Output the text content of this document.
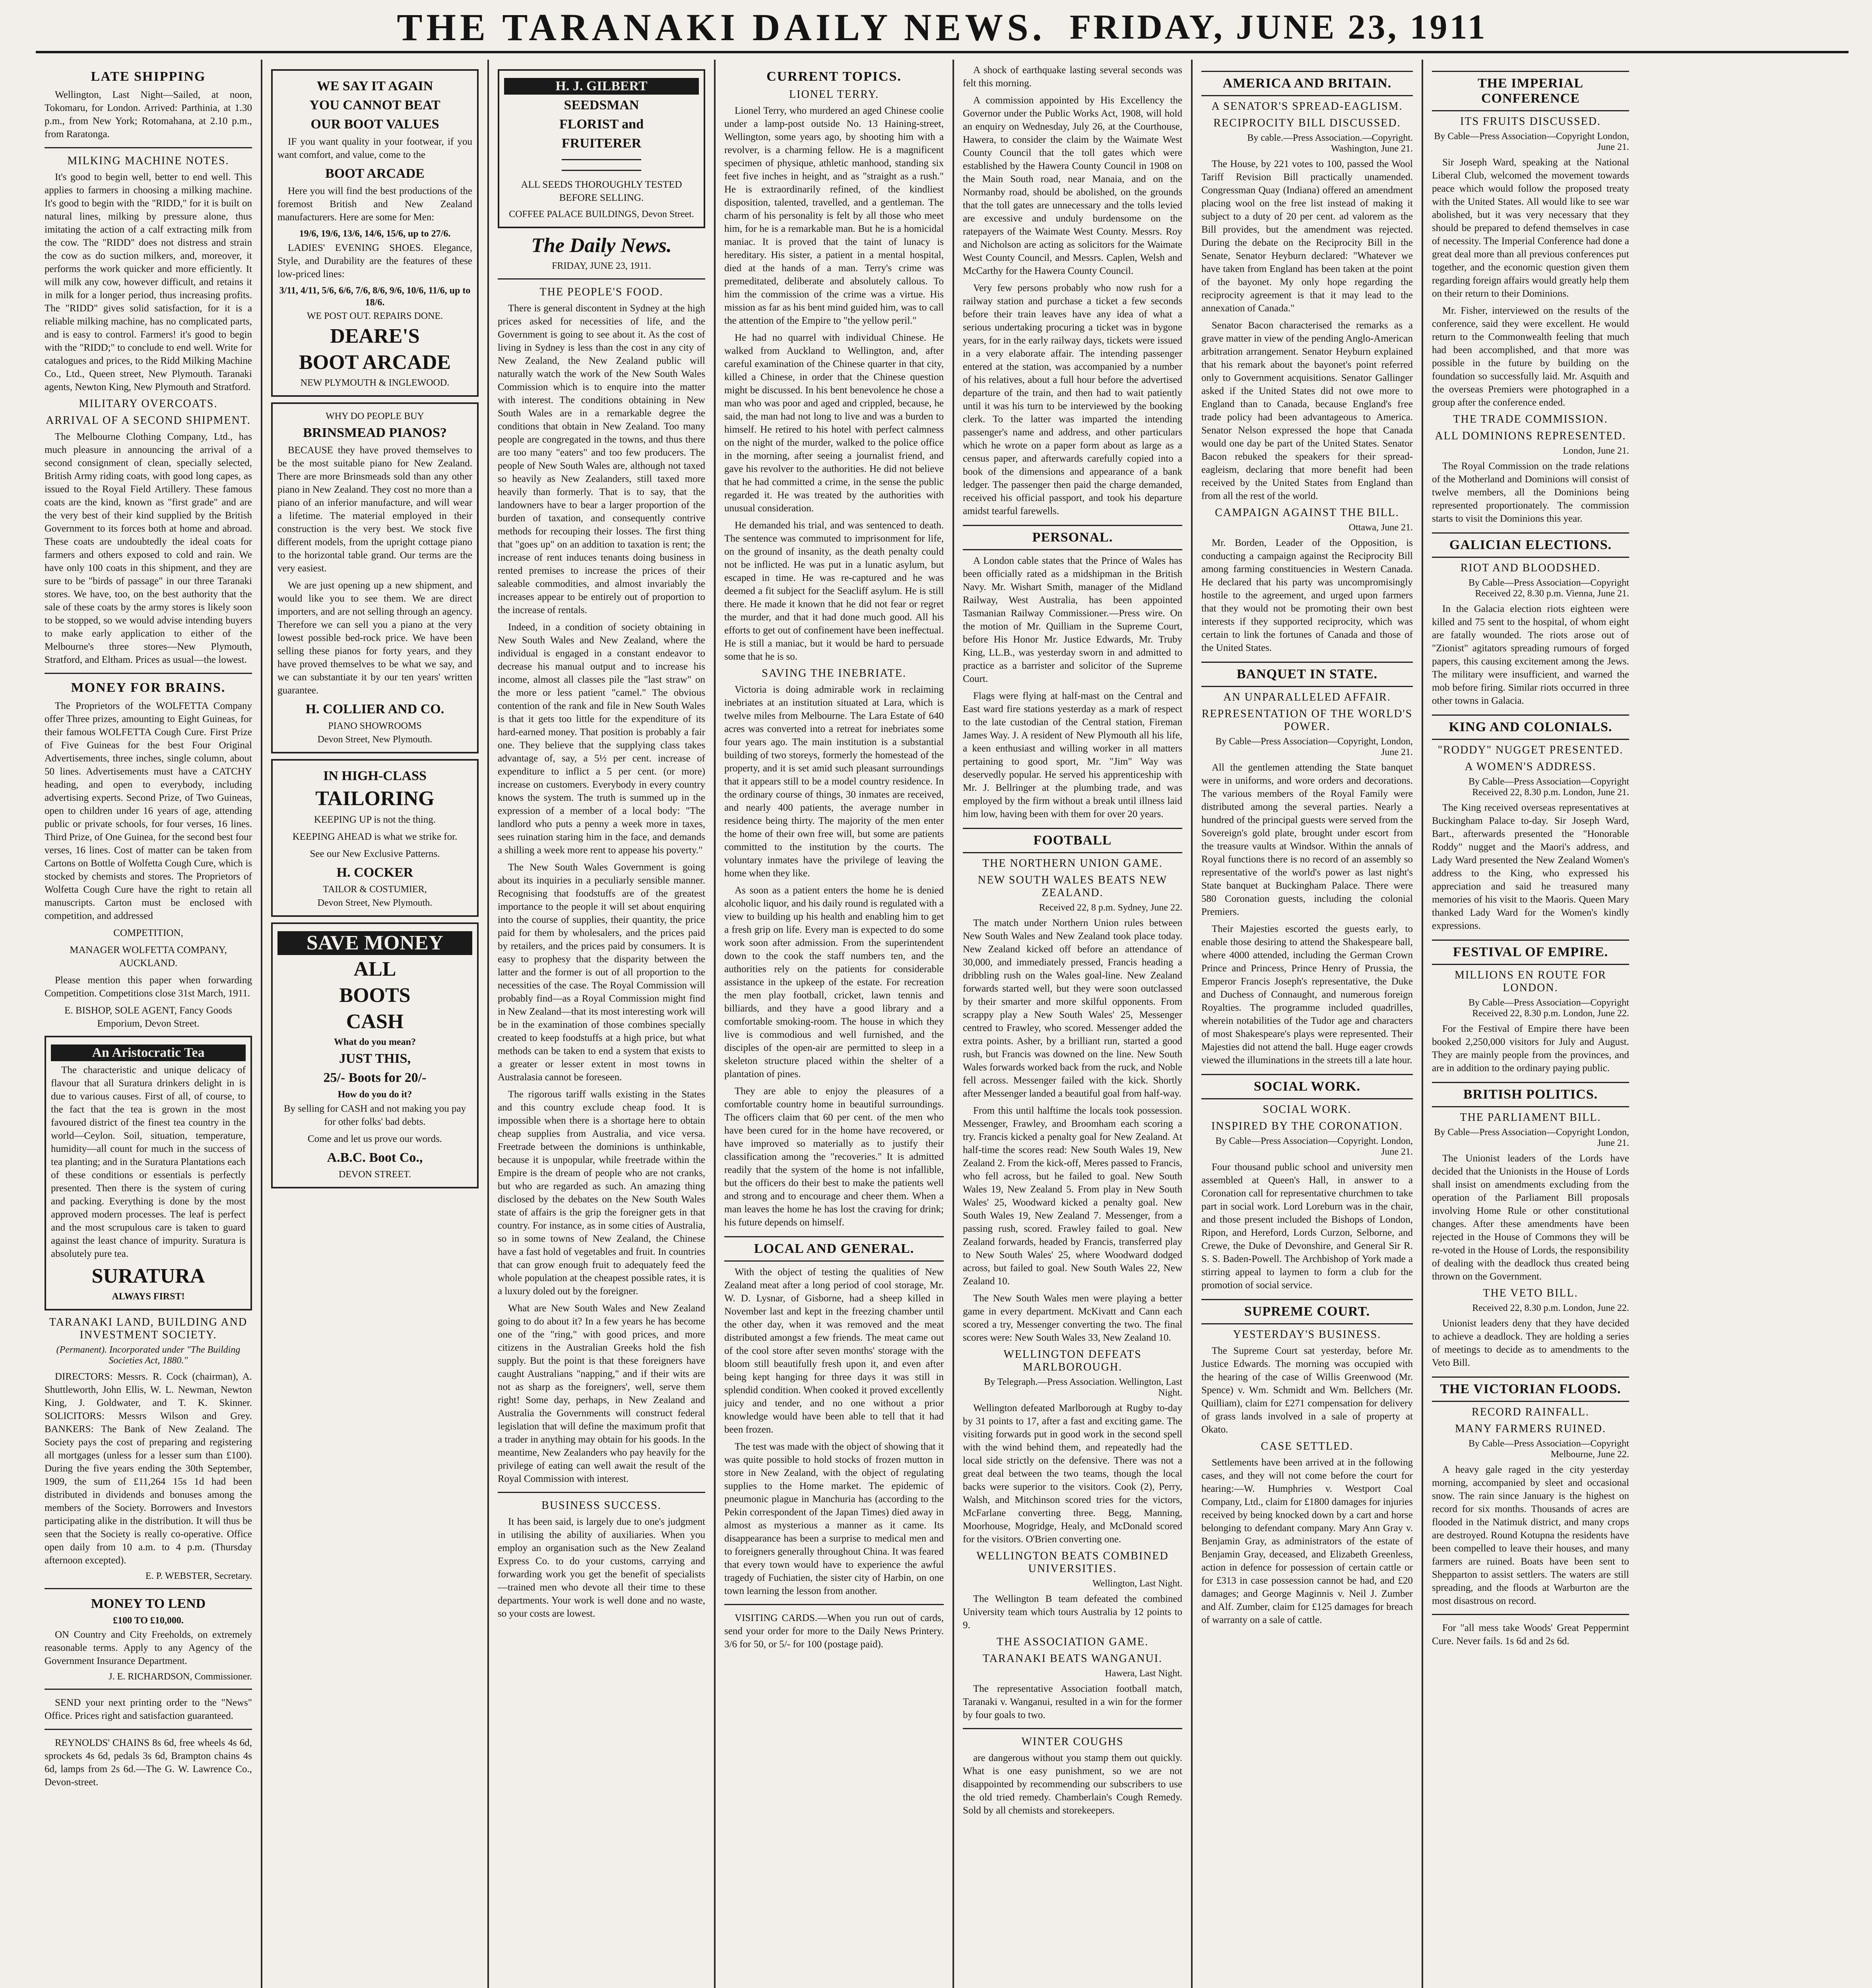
THE TARANAKI DAILY NEWS. FRIDAY, JUNE 23, 1911
LATE SHIPPING

Wellington, Last Night—Sailed, at noon, Tokomaru, for London. Arrived: Parthinia, at 1.30 p.m., from New York; Rotomahana, at 2.10 p.m., from Raratonga.

MILKING MACHINE NOTES.

It's good to begin well, better to end well. This applies to farmers in choosing a milking machine. It's good to begin with the "RIDD," for it is built on natural lines, milking by pressure alone, thus imitating the action of a calf extracting milk from the cow. The "RIDD" does not distress and strain the cow as do suction milkers, and, moreover, it performs the work quicker and more efficiently. It will milk any cow, however difficult, and retains it in milk for a longer period, thus increasing profits. The "RIDD" gives solid satisfaction, for it is a reliable milking machine, has no complicated parts, and is easy to control. Farmers! it's good to begin with the "RIDD;" to conclude to end well. Write for catalogues and prices, to the Ridd Milking Machine Co., Ltd., Queen street, New Plymouth. Taranaki agents, Newton King, New Plymouth and Stratford.

MILITARY OVERCOATS.
ARRIVAL OF A SECOND SHIPMENT.

The Melbourne Clothing Company, Ltd., has much pleasure in announcing the arrival of a second consignment of clean, specially selected, British Army riding coats, with good long capes, as issued to the Royal Field Artillery. These famous coats are the kind, known as "first grade" and are the very best of their kind supplied by the British Government to its forces both at home and abroad. These coats are undoubtedly the ideal coats for farmers and others exposed to cold and rain. We have only 100 coats in this shipment, and they are sure to be "birds of passage" in our three Taranaki stores. We have, too, on the best authority that the sale of these coats by the army stores is likely soon to be stopped, so we would advise intending buyers to make early application to either of the Melbourne's three stores—New Plymouth, Stratford, and Eltham. Prices as usual—the lowest.

MONEY FOR BRAINS.

The Proprietors of the WOLFETTA Company offer Three prizes, amounting to Eight Guineas, for their famous WOLFETTA Cough Cure. First Prize of Five Guineas for the best Four Original Advertisements, three inches, single column, about 50 lines. Advertisements must have a CATCHY heading, and open to everybody, including advertising experts. Second Prize, of Two Guineas, open to children under 16 years of age, attending public or private schools, for four verses, 16 lines. Third Prize, of One Guinea, for the second best four verses, 16 lines. Cost of matter can be taken from Cartons on Bottle of Wolfetta Cough Cure, which is stocked by chemists and stores. The Proprietors of Wolfetta Cough Cure have the right to retain all manuscripts. Carton must be enclosed with competition, and addressed

COMPETITION,

MANAGER WOLFETTA COMPANY, AUCKLAND.

Please mention this paper when forwarding Competition. Competitions close 31st March, 1911.

E. BISHOP, SOLE AGENT, Fancy Goods Emporium, Devon Street.

An Aristocratic Tea

The characteristic and unique delicacy of flavour that all Suratura drinkers delight in is due to various causes. First of all, of course, to the fact that the tea is grown in the most favoured district of the finest tea country in the world—Ceylon. Soil, situation, temperature, humidity—all count for much in the success of tea planting; and in the Suratura Plantations each of these conditions or essentials is perfectly presented. Then there is the system of curing and packing. Everything is done by the most approved modern processes. The leaf is perfect and the most scrupulous care is taken to guard against the least chance of impurity. Suratura is absolutely pure tea.

SURATURA
ALWAYS FIRST!
TARANAKI LAND, BUILDING AND INVESTMENT SOCIETY.
(Permanent). Incorporated under "The Building Societies Act, 1880."

DIRECTORS: Messrs. R. Cock (chairman), A. Shuttleworth, John Ellis, W. L. Newman, Newton King, J. Goldwater, and T. K. Skinner. SOLICITORS: Messrs Wilson and Grey. BANKERS: The Bank of New Zealand. The Society pays the cost of preparing and registering all mortgages (unless for a lesser sum than £100). During the five years ending the 30th September, 1909, the sum of £11,264 15s 1d had been distributed in dividends and bonuses among the members of the Society. Borrowers and Investors participating alike in the distribution. It will thus be seen that the Society is really co-operative. Office open daily from 10 a.m. to 4 p.m. (Thursday afternoon excepted).

E. P. WEBSTER, Secretary.
MONEY TO LEND
£100 TO £10,000.

ON Country and City Freeholds, on extremely reasonable terms. Apply to any Agency of the Government Insurance Department.

J. E. RICHARDSON, Commissioner.

SEND your next printing order to the "News" Office. Prices right and satisfaction guaranteed.

REYNOLDS' CHAINS 8s 6d, free wheels 4s 6d, sprockets 4s 6d, pedals 3s 6d, Brampton chains 4s 6d, lamps from 2s 6d.—The G. W. Lawrence Co., Devon-street.

WE SAY IT AGAIN
YOU CANNOT BEAT
OUR BOOT VALUES

IF you want quality in your footwear, if you want comfort, and value, come to the

BOOT ARCADE

Here you will find the best productions of the foremost British and New Zealand manufacturers. Here are some for Men:

19/6, 19/6, 13/6, 14/6, 15/6, up to 27/6.

LADIES' EVENING SHOES. Elegance, Style, and Durability are the features of these low-priced lines:

3/11, 4/11, 5/6, 6/6, 7/6, 8/6, 9/6, 10/6, 11/6, up to 18/6.
WE POST OUT. REPAIRS DONE.
DEARE'S
BOOT ARCADE
NEW PLYMOUTH & INGLEWOOD.
WHY DO PEOPLE BUY
BRINSMEAD PIANOS?

BECAUSE they have proved themselves to be the most suitable piano for New Zealand. There are more Brinsmeads sold than any other piano in New Zealand. They cost no more than a piano of an inferior manufacture, and will wear a lifetime. The material employed in their construction is the very best. We stock five different models, from the upright cottage piano to the horizontal table grand. Our terms are the very easiest.

We are just opening up a new shipment, and would like you to see them. We are direct importers, and are not selling through an agency. Therefore we can sell you a piano at the very lowest possible bed-rock price. We have been selling these pianos for forty years, and they have proved themselves to be what we say, and we can substantiate it by our ten years' written guarantee.

H. COLLIER AND CO.
PIANO SHOWROOMS
Devon Street, New Plymouth.
IN HIGH-CLASS
TAILORING

KEEPING UP is not the thing.

KEEPING AHEAD is what we strike for.

See our New Exclusive Patterns.

H. COCKER
TAILOR & COSTUMIER,
Devon Street, New Plymouth.
SAVE MONEY
ALL
BOOTS
CASH
What do you mean?
JUST THIS,
25/- Boots for 20/-
How do you do it?

By selling for CASH and not making you pay for other folks' bad debts.

Come and let us prove our words.

A.B.C. Boot Co.,
DEVON STREET.
H. J. GILBERT
SEEDSMAN
FLORIST and
FRUITERER

ALL SEEDS THOROUGHLY TESTED BEFORE SELLING.

COFFEE PALACE BUILDINGS, Devon Street.
The Daily News.
FRIDAY, JUNE 23, 1911.
THE PEOPLE'S FOOD.

There is general discontent in Sydney at the high prices asked for necessities of life, and the Government is going to see about it. As the cost of living in Sydney is less than the cost in any city of New Zealand, the New Zealand public will naturally watch the work of the New South Wales Commission which is to enquire into the matter with interest. The conditions obtaining in New South Wales are in a remarkable degree the conditions that obtain in New Zealand. Too many people are congregated in the towns, and thus there are too many "eaters" and too few producers. The people of New South Wales are, although not taxed so heavily as New Zealanders, still taxed more heavily than formerly. That is to say, that the landowners have to bear a larger proportion of the burden of taxation, and consequently contrive methods for recouping their losses. The first thing that "goes up" on an addition to taxation is rent; the increase of rent induces tenants doing business in rented premises to increase the prices of their saleable commodities, and almost invariably the increases appear to be entirely out of proportion to the increase of rentals.

Indeed, in a condition of society obtaining in New South Wales and New Zealand, where the individual is engaged in a constant endeavor to decrease his manual output and to increase his income, almost all classes pile the "last straw" on the more or less patient "camel." The obvious contention of the rank and file in New South Wales is that it gets too little for the expenditure of its hard-earned money. That position is probably a fair one. They believe that the supplying class takes advantage of, say, a 5½ per cent. increase of expenditure to inflict a 5 per cent. (or more) increase on customers. Everybody in every country knows the system. The truth is summed up in the expression of a member of a local body: "The landlord who puts a penny a week more in taxes, sees ruination staring him in the face, and demands a shilling a week more rent to appease his poverty."

The New South Wales Government is going about its inquiries in a peculiarly sensible manner. Recognising that foodstuffs are of the greatest importance to the people it will set about enquiring into the course of supplies, their quantity, the price paid for them by wholesalers, and the prices paid by retailers, and the prices paid by consumers. It is easy to prophesy that the disparity between the latter and the former is out of all proportion to the necessities of the case. The Royal Commission will probably find—as a Royal Commission might find in New Zealand—that its most interesting work will be in the examination of those combines specially created to keep foodstuffs at a high price, but what methods can be taken to end a system that exists to a greater or lesser extent in most towns in Australasia cannot be foreseen.

The rigorous tariff walls existing in the States and this country exclude cheap food. It is impossible when there is a shortage here to obtain cheap supplies from Australia, and vice versa. Freetrade between the dominions is unthinkable, because it is unpopular, while freetrade within the Empire is the dream of people who are not cranks, but who are regarded as such. An amazing thing disclosed by the debates on the New South Wales state of affairs is the grip the foreigner gets in that country. For instance, as in some cities of Australia, so in some towns of New Zealand, the Chinese have a fast hold of vegetables and fruit. In countries that can grow enough fruit to adequately feed the whole population at the cheapest possible rates, it is a luxury doled out by the foreigner.

What are New South Wales and New Zealand going to do about it? In a few years he has become one of the "ring," with good prices, and more citizens in the Australian Greeks hold the fish supply. But the point is that these foreigners have caught Australians "napping," and if their wits are not as sharp as the foreigners', well, serve them right! Some day, perhaps, in New Zealand and Australia the Governments will construct federal legislation that will define the maximum profit that a trader in anything may obtain for his goods. In the meantime, New Zealanders who pay heavily for the privilege of eating can well await the result of the Royal Commission with interest.

BUSINESS SUCCESS.

It has been said, is largely due to one's judgment in utilising the ability of auxiliaries. When you employ an organisation such as the New Zealand Express Co. to do your customs, carrying and forwarding work you get the benefit of specialists—trained men who devote all their time to these departments. Your work is well done and no waste, so your costs are lowest.

CURRENT TOPICS.
LIONEL TERRY.

Lionel Terry, who murdered an aged Chinese coolie under a lamp-post outside No. 13 Haining-street, Wellington, some years ago, by shooting him with a revolver, is a charming fellow. He is a magnificent specimen of physique, athletic manhood, standing six feet five inches in height, and as "straight as a rush." He is extraordinarily refined, of the kindliest disposition, talented, travelled, and a gentleman. The charm of his personality is felt by all those who meet him, for he is a remarkable man. But he is a homicidal maniac. It is proved that the taint of lunacy is hereditary. His sister, a patient in a mental hospital, died at the hands of a man. Terry's crime was premeditated, deliberate and absolutely callous. To him the commission of the crime was a virtue. His mission as far as his bent mind guided him, was to call the attention of the Empire to "the yellow peril."

He had no quarrel with individual Chinese. He walked from Auckland to Wellington, and, after careful examination of the Chinese quarter in that city, killed a Chinese, in order that the Chinese question might be discussed. In his bent benevolence he chose a man who was poor and aged and crippled, because, he said, the man had not long to live and was a burden to himself. He retired to his hotel with perfect calmness on the night of the murder, walked to the police office in the morning, after seeing a journalist friend, and gave his revolver to the authorities. He did not believe that he had committed a crime, in the sense the public regarded it. He was treated by the authorities with unusual consideration.

He demanded his trial, and was sentenced to death. The sentence was commuted to imprisonment for life, on the ground of insanity, as the death penalty could not be inflicted. He was put in a lunatic asylum, but escaped in time. He was re-captured and he was deemed a fit subject for the Seacliff asylum. He is still there. He made it known that he did not fear or regret the murder, and that it had done much good. All his efforts to get out of confinement have been ineffectual. He is still a maniac, but it would be hard to persuade some that he is so.

SAVING THE INEBRIATE.

Victoria is doing admirable work in reclaiming inebriates at an institution situated at Lara, which is twelve miles from Melbourne. The Lara Estate of 640 acres was converted into a retreat for inebriates some four years ago. The main institution is a substantial building of two storeys, formerly the homestead of the property, and it is set amid such pleasant surroundings that it appears still to be a model country residence. In the ordinary course of things, 30 inmates are received, and nearly 400 patients, the average number in residence being thirty. The majority of the men enter the home of their own free will, but some are patients committed to the institution by the courts. The voluntary inmates have the privilege of leaving the home when they like.

As soon as a patient enters the home he is denied alcoholic liquor, and his daily round is regulated with a view to building up his health and enabling him to get a fresh grip on life. Every man is expected to do some work soon after admission. From the superintendent down to the cook the staff numbers ten, and the authorities rely on the patients for considerable assistance in the upkeep of the estate. For recreation the men play football, cricket, lawn tennis and billiards, and they have a good library and a comfortable smoking-room. The house in which they live is commodious and well furnished, and the disciples of the open-air are permitted to sleep in a skeleton structure placed within the shelter of a plantation of pines.

They are able to enjoy the pleasures of a comfortable country home in beautiful surroundings. The officers claim that 60 per cent. of the men who have been cured for in the home have recovered, or have improved so materially as to justify their classification among the "recoveries." It is admitted readily that the system of the home is not infallible, but the officers do their best to make the patients well and strong and to encourage and cheer them. When a man leaves the home he has lost the craving for drink; his future depends on himself.

LOCAL AND GENERAL.

With the object of testing the qualities of New Zealand meat after a long period of cool storage, Mr. W. D. Lysnar, of Gisborne, had a sheep killed in November last and kept in the freezing chamber until the other day, when it was removed and the meat distributed amongst a few friends. The meat came out of the cool store after seven months' storage with the bloom still beautifully fresh upon it, and even after being kept hanging for three days it was still in splendid condition. When cooked it proved excellently juicy and tender, and no one without a prior knowledge would have been able to tell that it had been frozen.

The test was made with the object of showing that it was quite possible to hold stocks of frozen mutton in store in New Zealand, with the object of regulating supplies to the Home market. The epidemic of pneumonic plague in Manchuria has (according to the Pekin correspondent of the Japan Times) died away in almost as mysterious a manner as it came. Its disappearance has been a surprise to medical men and to foreigners generally throughout China. It was feared that every town would have to experience the awful tragedy of Fuchiatien, the sister city of Harbin, on one town learning the lesson from another.

VISITING CARDS.—When you run out of cards, send your order for more to the Daily News Printery. 3/6 for 50, or 5/- for 100 (postage paid).

A shock of earthquake lasting several seconds was felt this morning.

A commission appointed by His Excellency the Governor under the Public Works Act, 1908, will hold an enquiry on Wednesday, July 26, at the Courthouse, Hawera, to consider the claim by the Waimate West County Council that the toll gates which were established by the Hawera County Council in 1908 on the Main South road, near Manaia, and on the Normanby road, should be abolished, on the grounds that the toll gates are unnecessary and the tolls levied are excessive and unduly burdensome on the ratepayers of the Waimate West County. Messrs. Roy and Nicholson are acting as solicitors for the Waimate West County Council, and Messrs. Caplen, Welsh and McCarthy for the Hawera County Council.

Very few persons probably who now rush for a railway station and purchase a ticket a few seconds before their train leaves have any idea of what a serious undertaking procuring a ticket was in bygone years, for in the early railway days, tickets were issued in a very elaborate affair. The intending passenger entered at the station, was accompanied by a number of his relatives, about a full hour before the advertised departure of the train, and then had to wait patiently until it was his turn to be interviewed by the booking clerk. To the latter was imparted the intending passenger's name and address, and other particulars which he wrote on a paper form about as large as a census paper, and afterwards carefully copied into a book of the dimensions and appearance of a bank ledger. The passenger then paid the charge demanded, received his official passport, and took his departure amidst tearful farewells.

PERSONAL.

A London cable states that the Prince of Wales has been officially rated as a midshipman in the British Navy. Mr. Wishart Smith, manager of the Midland Railway, West Australia, has been appointed Tasmanian Railway Commissioner.—Press wire. On the motion of Mr. Quilliam in the Supreme Court, before His Honor Mr. Justice Edwards, Mr. Truby King, LL.B., was yesterday sworn in and admitted to practice as a barrister and solicitor of the Supreme Court.

Flags were flying at half-mast on the Central and East ward fire stations yesterday as a mark of respect to the late custodian of the Central station, Fireman James Way. J. A resident of New Plymouth all his life, a keen enthusiast and willing worker in all matters pertaining to good sport, Mr. "Jim" Way was deservedly popular. He served his apprenticeship with Mr. J. Bellringer at the plumbing trade, and was employed by the firm without a break until illness laid him low, having been with them for over 20 years.

FOOTBALL
THE NORTHERN UNION GAME.
NEW SOUTH WALES BEATS NEW ZEALAND.
Received 22, 8 p.m. Sydney, June 22.

The match under Northern Union rules between New South Wales and New Zealand took place today. New Zealand kicked off before an attendance of 30,000, and immediately pressed, Francis heading a dribbling rush on the Wales goal-line. New Zealand forwards started well, but they were soon outclassed by their smarter and more skilful opponents. From scrappy play a New South Wales' 25, Messenger centred to Frawley, who scored. Messenger added the extra points. Asher, by a brilliant run, started a good rush, but Francis was downed on the line. New South Wales forwards worked back from the ruck, and Noble fell across. Messenger failed with the kick. Shortly after Messenger landed a beautiful goal from half-way.

From this until halftime the locals took possession. Messenger, Frawley, and Broomham each scoring a try. Francis kicked a penalty goal for New Zealand. At half-time the scores read: New South Wales 19, New Zealand 2. From the kick-off, Meres passed to Francis, who fell across, but he failed to goal. New South Wales 19, New Zealand 5. From play in New South Wales' 25, Woodward kicked a penalty goal. New South Wales 19, New Zealand 7. Messenger, from a passing rush, scored. Frawley failed to goal. New Zealand forwards, headed by Francis, transferred play to New South Wales' 25, where Woodward dodged across, but failed to goal. New South Wales 22, New Zealand 10.

The New South Wales men were playing a better game in every department. McKivatt and Cann each scored a try, Messenger converting the two. The final scores were: New South Wales 33, New Zealand 10.

WELLINGTON DEFEATS MARLBOROUGH.
By Telegraph.—Press Association. Wellington, Last Night.

Wellington defeated Marlborough at Rugby to-day by 31 points to 17, after a fast and exciting game. The visiting forwards put in good work in the second spell with the wind behind them, and repeatedly had the local side strictly on the defensive. There was not a great deal between the two teams, though the local backs were superior to the visitors. Cook (2), Perry, Walsh, and Mitchinson scored tries for the victors, McFarlane converting three. Begg, Manning, Moorhouse, Mogridge, Healy, and McDonald scored for the visitors. O'Brien converting one.

WELLINGTON BEATS COMBINED UNIVERSITIES.
Wellington, Last Night.

The Wellington B team defeated the combined University team which tours Australia by 12 points to 9.

THE ASSOCIATION GAME.
TARANAKI BEATS WANGANUI.
Hawera, Last Night.

The representative Association football match, Taranaki v. Wanganui, resulted in a win for the former by four goals to two.

WINTER COUGHS

are dangerous without you stamp them out quickly. What is one easy punishment, so we are not disappointed by recommending our subscribers to use the old tried remedy. Chamberlain's Cough Remedy. Sold by all chemists and storekeepers.

AMERICA AND BRITAIN.
A SENATOR'S SPREAD-EAGLISM.
RECIPROCITY BILL DISCUSSED.
By cable.—Press Association.—Copyright. Washington, June 21.

The House, by 221 votes to 100, passed the Wool Tariff Revision Bill practically unamended. Congressman Quay (Indiana) offered an amendment placing wool on the free list instead of making it subject to a duty of 20 per cent. ad valorem as the Bill provides, but the amendment was rejected. During the debate on the Reciprocity Bill in the Senate, Senator Heyburn declared: "Whatever we have taken from England has been taken at the point of the bayonet. My only hope regarding the reciprocity agreement is that it may lead to the annexation of Canada."

Senator Bacon characterised the remarks as a grave matter in view of the pending Anglo-American arbitration arrangement. Senator Heyburn explained that his remark about the bayonet's point referred only to Government acquisitions. Senator Gallinger asked if the United States did not owe more to England than to Canada, because England's free trade policy had been advantageous to America. Senator Nelson expressed the hope that Canada would one day be part of the United States. Senator Bacon rebuked the speakers for their spread-eagleism, declaring that more benefit had been received by the United States from England than from all the rest of the world.

CAMPAIGN AGAINST THE BILL.
Ottawa, June 21.

Mr. Borden, Leader of the Opposition, is conducting a campaign against the Reciprocity Bill among farming constituencies in Western Canada. He declared that his party was uncompromisingly hostile to the agreement, and urged upon farmers that they would not be promoting their own best interests if they supported reciprocity, which was certain to link the fortunes of Canada and those of the United States.

BANQUET IN STATE.
AN UNPARALLELED AFFAIR.
REPRESENTATION OF THE WORLD'S POWER.
By Cable—Press Association—Copyright, London, June 21.

All the gentlemen attending the State banquet were in uniforms, and wore orders and decorations. The various members of the Royal Family were distributed among the several parties. Nearly a hundred of the principal guests were served from the Sovereign's gold plate, brought under escort from the treasure vaults at Windsor. Within the annals of Royal functions there is no record of an assembly so representative of the world's power as last night's State banquet at Buckingham Palace. There were 580 Coronation guests, including the colonial Premiers.

Their Majesties escorted the guests early, to enable those desiring to attend the Shakespeare ball, where 4000 attended, including the German Crown Prince and Princess, Prince Henry of Prussia, the Emperor Francis Joseph's representative, the Duke and Duchess of Connaught, and numerous foreign Royalties. The programme included quadrilles, wherein notabilities of the Tudor age and characters of most Shakespeare's plays were represented. Their Majesties did not attend the ball. Huge eager crowds viewed the illuminations in the streets till a late hour.

SOCIAL WORK.
SOCIAL WORK.
INSPIRED BY THE CORONATION.
By Cable—Press Association—Copyright. London, June 21.

Four thousand public school and university men assembled at Queen's Hall, in answer to a Coronation call for representative churchmen to take part in social work. Lord Loreburn was in the chair, and those present included the Bishops of London, Ripon, and Hereford, Lords Curzon, Selborne, and Crewe, the Duke of Devonshire, and General Sir R. S. S. Baden-Powell. The Archbishop of York made a stirring appeal to laymen to form a club for the promotion of social service.

SUPREME COURT.
YESTERDAY'S BUSINESS.

The Supreme Court sat yesterday, before Mr. Justice Edwards. The morning was occupied with the hearing of the case of Willis Greenwood (Mr. Spence) v. Wm. Schmidt and Wm. Bellchers (Mr. Quilliam), claim for £271 compensation for delivery of grass lands involved in a sale of property at Okato.

CASE SETTLED.

Settlements have been arrived at in the following cases, and they will not come before the court for hearing:—W. Humphries v. Westport Coal Company, Ltd., claim for £1800 damages for injuries received by being knocked down by a cart and horse belonging to defendant company. Mary Ann Gray v. Benjamin Gray, as administrators of the estate of Benjamin Gray, deceased, and Elizabeth Greenless, action in defence for possession of certain cattle or for £313 in case possession cannot be had, and £20 damages; and George Maginnis v. Neil J. Zumber and Alf. Zumber, claim for £125 damages for breach of warranty on a sale of cattle.

THE IMPERIAL CONFERENCE
ITS FRUITS DISCUSSED.
By Cable—Press Association—Copyright London, June 21.

Sir Joseph Ward, speaking at the National Liberal Club, welcomed the movement towards peace which would follow the proposed treaty with the United States. All would like to see war abolished, but it was very necessary that they should be prepared to defend themselves in case of necessity. The Imperial Conference had done a great deal more than all previous conferences put together, and the economic question given them regarding foreign affairs would greatly help them on their return to their Dominions.

Mr. Fisher, interviewed on the results of the conference, said they were excellent. He would return to the Commonwealth feeling that much had been accomplished, and that more was possible in the future by building on the foundation so successfully laid. Mr. Asquith and the overseas Premiers were photographed in a group after the conference ended.

THE TRADE COMMISSION.
ALL DOMINIONS REPRESENTED.
London, June 21.

The Royal Commission on the trade relations of the Motherland and Dominions will consist of twelve members, all the Dominions being represented proportionately. The commission starts to visit the Dominions this year.

GALICIAN ELECTIONS.
RIOT AND BLOODSHED.
By Cable—Press Association—Copyright Received 22, 8.30 p.m. Vienna, June 21.

In the Galacia election riots eighteen were killed and 75 sent to the hospital, of whom eight are fatally wounded. The riots arose out of "Zionist" agitators spreading rumours of forged papers, this causing excitement among the Jews. The military were insufficient, and warned the mob before firing. Similar riots occurred in three other towns in Galacia.

KING AND COLONIALS.
"RODDY" NUGGET PRESENTED.
A WOMEN'S ADDRESS.
By Cable—Press Association—Copyright Received 22, 8.30 p.m. London, June 21.

The King received overseas representatives at Buckingham Palace to-day. Sir Joseph Ward, Bart., afterwards presented the "Honorable Roddy" nugget and the Maori's address, and Lady Ward presented the New Zealand Women's address to the King, who expressed his appreciation and said he treasured many memories of his visit to the Maoris. Queen Mary thanked Lady Ward for the Women's kindly expressions.

FESTIVAL OF EMPIRE.
MILLIONS EN ROUTE FOR LONDON.
By Cable—Press Association—Copyright Received 22, 8.30 p.m. London, June 22.

For the Festival of Empire there have been booked 2,250,000 visitors for July and August. They are mainly people from the provinces, and are in addition to the ordinary paying public.

BRITISH POLITICS.
THE PARLIAMENT BILL.
By Cable—Press Association—Copyright London, June 21.

The Unionist leaders of the Lords have decided that the Unionists in the House of Lords shall insist on amendments excluding from the operation of the Parliament Bill proposals involving Home Rule or other constitutional changes. After these amendments have been rejected in the House of Commons they will be re-voted in the House of Lords, the responsibility of dealing with the deadlock thus created being thrown on the Government.

THE VETO BILL.
Received 22, 8.30 p.m. London, June 22.

Unionist leaders deny that they have decided to achieve a deadlock. They are holding a series of meetings to decide as to amendments to the Veto Bill.

THE VICTORIAN FLOODS.
RECORD RAINFALL.
MANY FARMERS RUINED.
By Cable—Press Association—Copyright Melbourne, June 22.

A heavy gale raged in the city yesterday morning, accompanied by sleet and occasional snow. The rain since January is the highest on record for six months. Thousands of acres are flooded in the Natimuk district, and many crops are destroyed. Round Kotupna the residents have been compelled to leave their houses, and many farmers are ruined. Boats have been sent to Shepparton to assist settlers. The waters are still spreading, and the floods at Warburton are the most disastrous on record.

For "all mess take Woods' Great Peppermint Cure. Never fails. 1s 6d and 2s 6d.
